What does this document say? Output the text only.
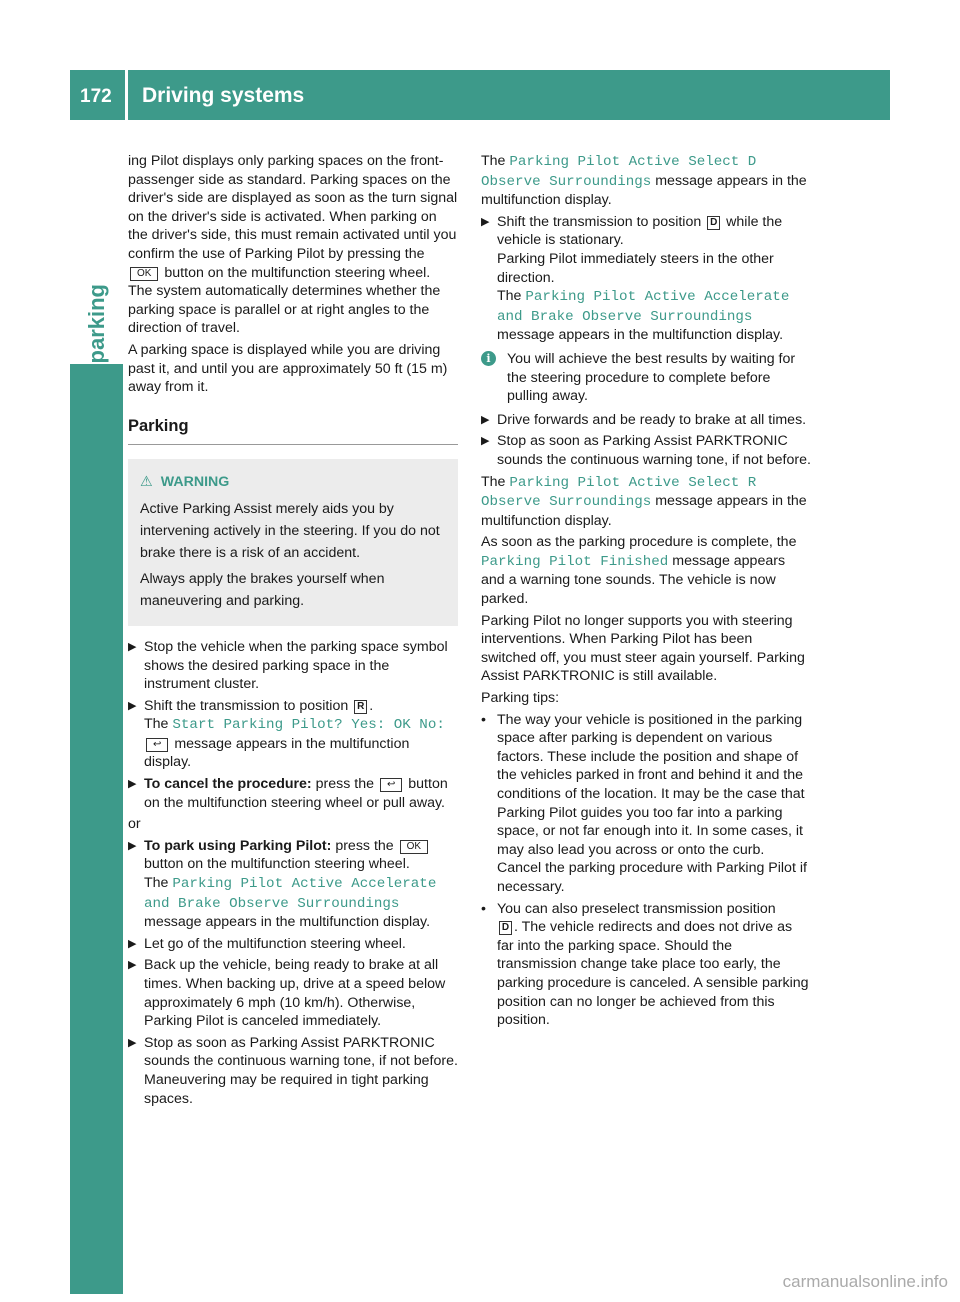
172 Driving systems

ing Pilot displays only parking spaces on the front-passenger side as standard. Parking spaces on the driver's side are displayed as soon as the turn signal on the driver's side is activated. When parking on the driver's side, this must remain activated until you confirm the use of Parking Pilot by pressing the OK button on the multifunction steering wheel. The system automatically determines whether the parking space is parallel or at right angles to the direction of travel.

A parking space is displayed while you are driving past it, and until you are approximately 50 ft (15 m) away from it.

Parking
⚠ WARNING

Active Parking Assist merely aids you by intervening actively in the steering. If you do not brake there is a risk of an accident.

Always apply the brakes yourself when maneuvering and parking.

▶ Stop the vehicle when the parking space symbol shows the desired parking space in the instrument cluster.
▶ Shift the transmission to position R .
The Start Parking Pilot? Yes: OK No:
↩ message appears in the multifunction display.
▶ To cancel the procedure: press the ↩ button on the multifunction steering wheel or pull away.

or

▶ To park using Parking Pilot: press the OK button on the multifunction steering wheel.
The Parking Pilot Active Accelerate
and Brake Observe Surroundings message appears in the multifunction display.
▶ Let go of the multifunction steering wheel.
▶ Back up the vehicle, being ready to brake at all times. When backing up, drive at a speed below approximately 6 mph (10 km/h). Otherwise, Parking Pilot is canceled immediately.
▶ Stop as soon as Parking Assist PARKTRONIC sounds the continuous warning tone, if not before.
Maneuvering may be required in tight parking spaces.

The Parking Pilot Active Select D
Observe Surroundings message appears in the multifunction display.

▶ Shift the transmission to position D while the vehicle is stationary.
Parking Pilot immediately steers in the other direction.
The Parking Pilot Active Accelerate
and Brake Observe Surroundings message appears in the multifunction display.
i	You will achieve the best results by waiting for the steering procedure to complete before pulling away.
▶ Drive forwards and be ready to brake at all times.
▶ Stop as soon as Parking Assist PARKTRONIC sounds the continuous warning tone, if not before.

The Parking Pilot Active Select R
Observe Surroundings message appears in the multifunction display.

As soon as the parking procedure is complete, the Parking Pilot Finished message appears and a warning tone sounds. The vehicle is now parked.

Parking Pilot no longer supports you with steering interventions. When Parking Pilot has been switched off, you must steer again yourself. Parking Assist PARKTRONIC is still available.

Parking tips:

• The way your vehicle is positioned in the parking space after parking is dependent on various factors. These include the position and shape of the vehicles parked in front and behind it and the conditions of the location. It may be the case that Parking Pilot guides you too far into a parking space, or not far enough into it. In some cases, it may also lead you across or onto the curb. Cancel the parking procedure with Parking Pilot if necessary.
• You can also preselect transmission position
D . The vehicle redirects and does not drive as far into the parking space. Should the transmission change take place too early, the parking procedure is canceled. A sensible parking position can no longer be achieved from this position.
carmanualsonline.info
